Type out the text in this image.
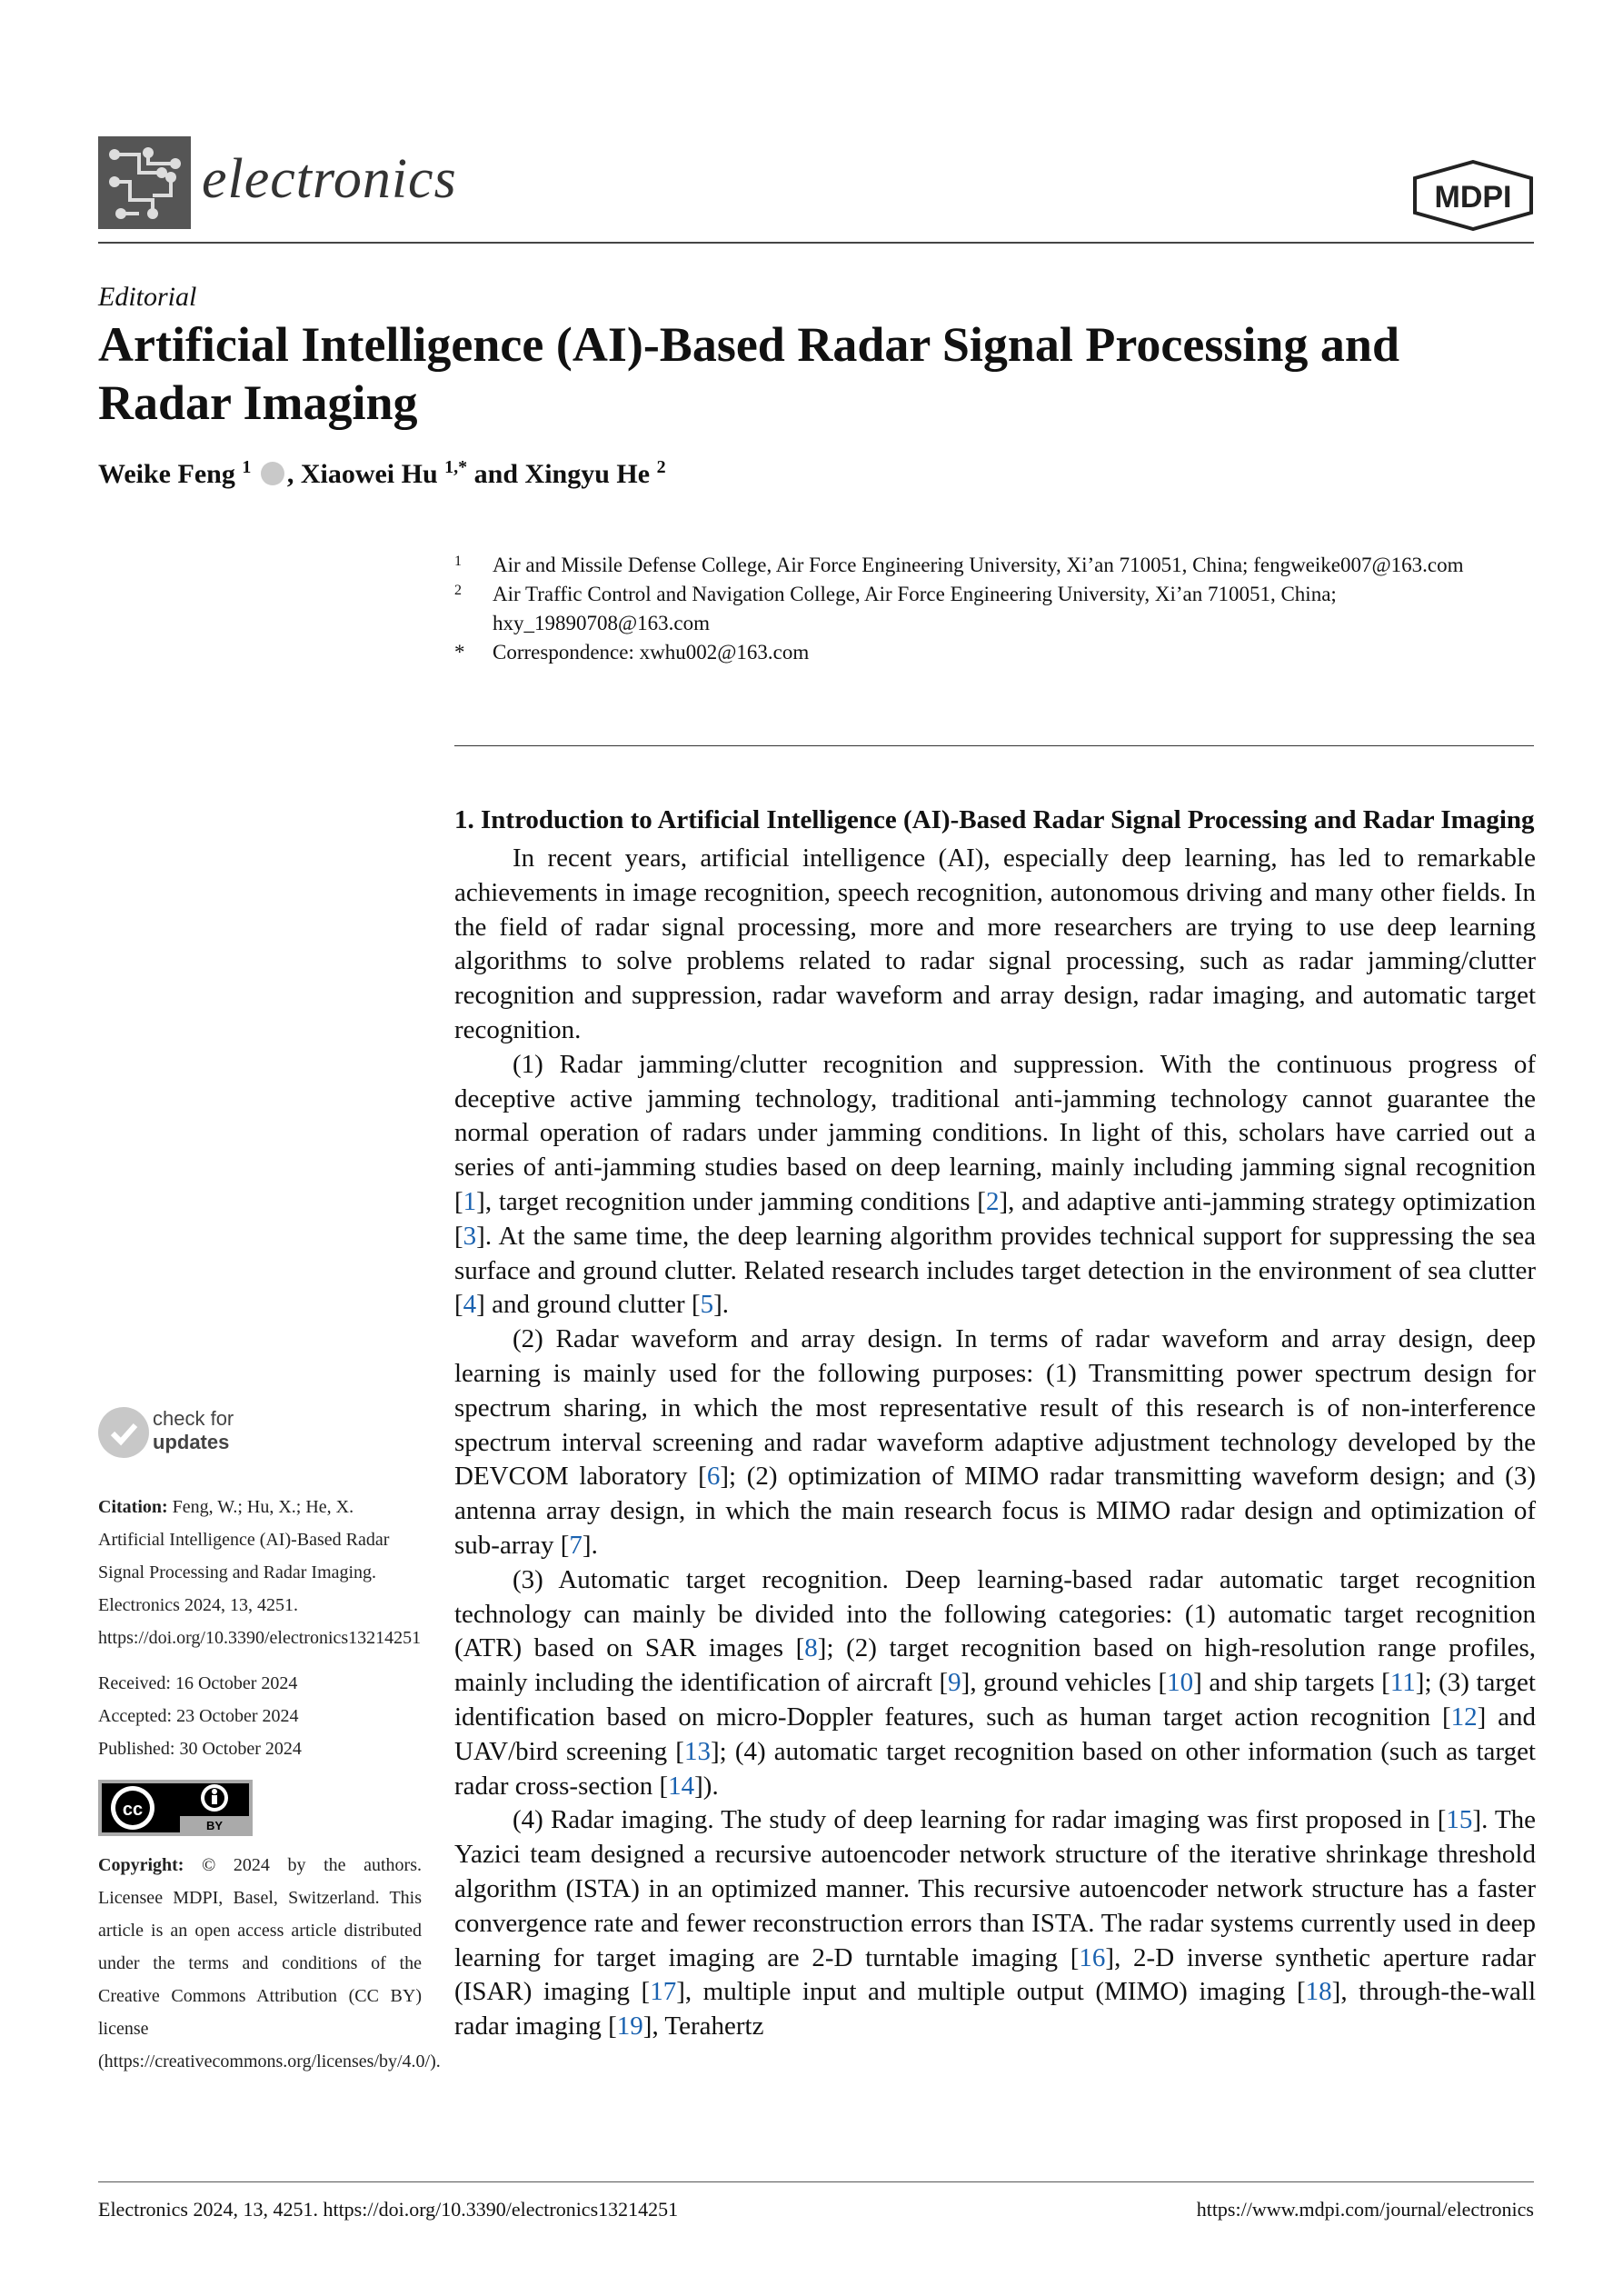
electronics	MDPI
Editorial
Artificial Intelligence (AI)-Based Radar Signal Processing and Radar Imaging
Weike Feng $^1$ , Xiaowei Hu $^{1,*}$ and Xingyu He $^2$
1 Air and Missile Defense College, Air Force Engineering University, Xi’an 710051, China; fengweike007@163.com
2 Air Traffic Control and Navigation College, Air Force Engineering University, Xi’an 710051, China; hxy_19890708@163.com
* Correspondence: xwhu002@163.com
1. Introduction to Artificial Intelligence (AI)-Based Radar Signal Processing and Radar Imaging

In recent years, artificial intelligence (AI), especially deep learning, has led to remarkable achievements in image recognition, speech recognition, autonomous driving and many other fields. In the field of radar signal processing, more and more researchers are trying to use deep learning algorithms to solve problems related to radar signal processing, such as radar jamming/clutter recognition and suppression, radar waveform and array design, radar imaging, and automatic target recognition.

(1) Radar jamming/clutter recognition and suppression. With the continuous progress of deceptive active jamming technology, traditional anti-jamming technology cannot guarantee the normal operation of radars under jamming conditions. In light of this, scholars have carried out a series of anti-jamming studies based on deep learning, mainly including jamming signal recognition [1], target recognition under jamming conditions [2], and adaptive anti-jamming strategy optimization [3]. At the same time, the deep learning algorithm provides technical support for suppressing the sea surface and ground clutter. Related research includes target detection in the environment of sea clutter [4] and ground clutter [5].

(2) Radar waveform and array design. In terms of radar waveform and array design, deep learning is mainly used for the following purposes: (1) Transmitting power spectrum design for spectrum sharing, in which the most representative result of this research is of non-interference spectrum interval screening and radar waveform adaptive adjustment technology developed by the DEVCOM laboratory [6]; (2) optimization of MIMO radar transmitting waveform design; and (3) antenna array design, in which the main research focus is MIMO radar design and optimization of sub-array [7].

(3) Automatic target recognition. Deep learning-based radar automatic target recognition technology can mainly be divided into the following categories: (1) automatic target recognition (ATR) based on SAR images [8]; (2) target recognition based on high-resolution range profiles, mainly including the identification of aircraft [9], ground vehicles [10] and ship targets [11]; (3) target identification based on micro-Doppler features, such as human target action recognition [12] and UAV/bird screening [13]; (4) automatic target recognition based on other information (such as target radar cross-section [14]).

(4) Radar imaging. The study of deep learning for radar imaging was first proposed in [15]. The Yazici team designed a recursive autoencoder network structure of the iterative shrinkage threshold algorithm (ISTA) in an optimized manner. This recursive autoencoder network structure has a faster convergence rate and fewer reconstruction errors than ISTA. The radar systems currently used in deep learning for target imaging are 2-D turntable imaging [16], 2-D inverse synthetic aperture radar (ISAR) imaging [17], multiple input and multiple output (MIMO) imaging [18], through-the-wall radar imaging [19], Terahertz

check for
updates

Citation: Feng, W.; Hu, X.; He, X. Artificial Intelligence (AI)-Based Radar Signal Processing and Radar Imaging. Electronics 2024, 13, 4251. https://doi.org/10.3390/electronics13214251

Received: 16 October 2024

Accepted: 23 October 2024

Published: 30 October 2024

cc
BY

Copyright: © 2024 by the authors. Licensee MDPI, Basel, Switzerland. This article is an open access article distributed under the terms and conditions of the Creative Commons Attribution (CC BY) license (https://creativecommons.org/licenses/by/4.0/).

Electronics 2024, 13, 4251. https://doi.org/10.3390/electronics13214251	https://www.mdpi.com/journal/electronics
